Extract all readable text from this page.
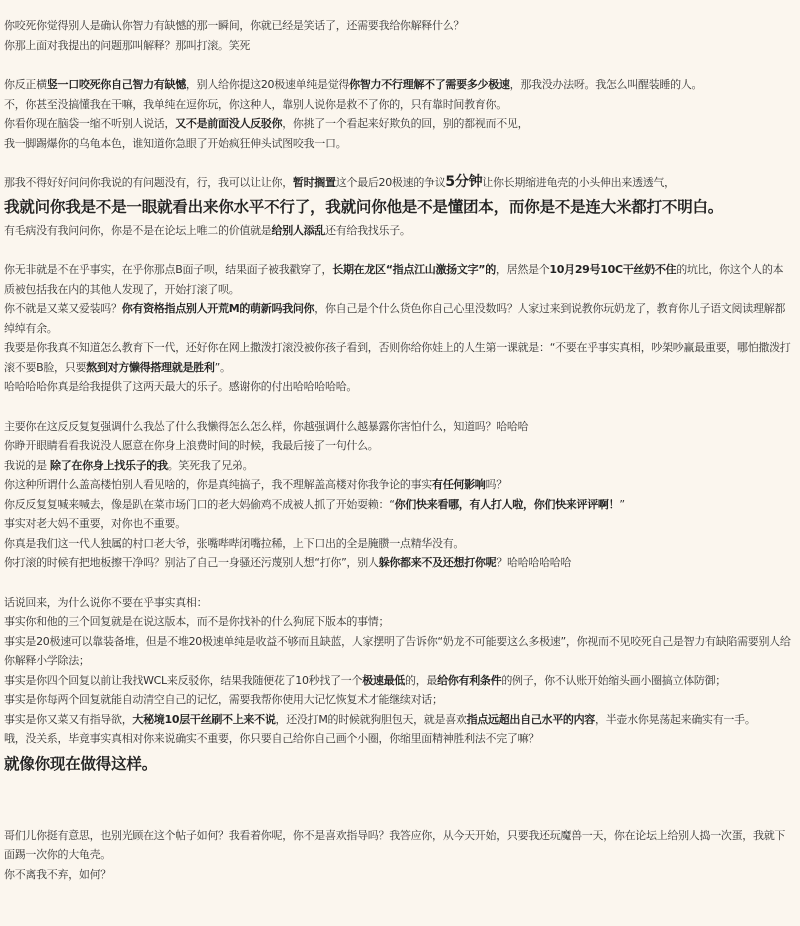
你咬死你觉得别人是确认你智力有缺憾的那一瞬间，你就已经是笑话了，还需要我给你解释什么？

你那上面对我提出的问题那叫解释？那叫打滚。笑死

你反正横竖一口咬死你自己智力有缺憾，别人给你提这20极速单纯是觉得你智力不行理解不了需要多少极速，那我没办法呀。我怎么叫醒装睡的人。

不，你甚至没搞懂我在干嘛，我单纯在逗你玩，你这种人，靠别人说你是救不了你的，只有靠时间教育你。

你看你现在脑袋一缩不听别人说话，又不是前面没人反驳你，你挑了一个看起来好欺负的回，别的都视而不见，

我一脚踢爆你的乌龟本色，谁知道你急眼了开始疯狂伸头试图咬我一口。

那我不得好好问问你我说的有问题没有，行，我可以让让你，暂时搁置这个最后20极速的争议5分钟让你长期缩进龟壳的小头伸出来透透气，

我就问你我是不是一眼就看出来你水平不行了，我就问你他是不是懂团本，而你是不是连大米都打不明白。

有毛病没有我问问你，你是不是在论坛上唯二的价值就是给别人添乱还有给我找乐子。

你无非就是不在乎事实，在乎你那点B面子呗，结果面子被我戳穿了，长期在龙区“指点江山激扬文字”的，居然是个10月29号10C干丝奶不住的坑比，你这个人的本质被包括我在内的其他人发现了，开始打滚了呗。

你不就是又菜又爱装吗？你有资格指点别人开荒M的萌新吗我问你，你自己是个什么货色你自己心里没数吗？人家过来到说教你玩奶龙了，教育你儿子语文阅读理解都绰绰有余。

我要是你我真不知道怎么教育下一代，还好你在网上撒泼打滚没被你孩子看到，否则你给你娃上的人生第一课就是：“不要在乎事实真相，吵架吵赢最重要，哪怕撒泼打滚不要B脸，只要熬到对方懒得搭理就是胜利”。

哈哈哈哈你真是给我提供了这两天最大的乐子。感谢你的付出哈哈哈哈哈。

主要你在这反反复复强调什么我怂了什么我懒得怎么怎么样，你越强调什么越暴露你害怕什么，知道吗？哈哈哈

你睁开眼睛看看我说没人愿意在你身上浪费时间的时候，我最后接了一句什么。

我说的是 除了在你身上找乐子的我。笑死我了兄弟。

你这种所谓什么盖高楼怕别人看见啥的，你是真纯搞子，我不理解盖高楼对你我争论的事实有任何影响吗？

你反反复复喊来喊去，像是趴在菜市场门口的老大妈偷鸡不成被人抓了开始耍赖：“你们快来看哪，有人打人啦，你们快来评评啊！”

事实对老大妈不重要，对你也不重要。

你真是我们这一代人独属的村口老大爷，张嘴哔哔闭嘴拉稀，上下口出的全是腌臜一点精华没有。

你打滚的时候有把地板擦干净吗？别沾了自己一身骚还污蔑别人想“打你”，别人躲你都来不及还想打你呢？哈哈哈哈哈哈

话说回来，为什么说你不要在乎事实真相：

事实你和他的三个回复就是在说这版本，而不是你找补的什么狗屁下版本的事情；

事实是20极速可以靠装备堆，但是不堆20极速单纯是收益不够而且缺蓝，人家摆明了告诉你“奶龙不可能要这么多极速”，你视而不见咬死自己是智力有缺陷需要别人给你解释小学除法；

事实是你四个回复以前让我找WCL来反驳你，结果我随便花了10秒找了一个极速最低的，最给你有利条件的例子，你不认账开始缩头画小圈搞立体防御；

事实是你每两个回复就能自动清空自己的记忆，需要我帮你使用大记忆恢复术才能继续对话；

事实是你又菜又有指导欲，大秘境10层干丝刷不上来不说，还没打M的时候就狗胆包天，就是喜欢指点远超出自己水平的内容，半壶水你晃荡起来确实有一手。

哦，没关系，毕竟事实真相对你来说确实不重要，你只要自己给你自己画个小圈，你缩里面精神胜利法不完了嘛？

就像你现在做得这样。

哥们儿你挺有意思，也别光顾在这个帖子如何？我看着你呢，你不是喜欢指导吗？我答应你，从今天开始，只要我还玩魔兽一天，你在论坛上给别人捣一次蛋，我就下面踢一次你的大龟壳。

你不离我不弃，如何？
